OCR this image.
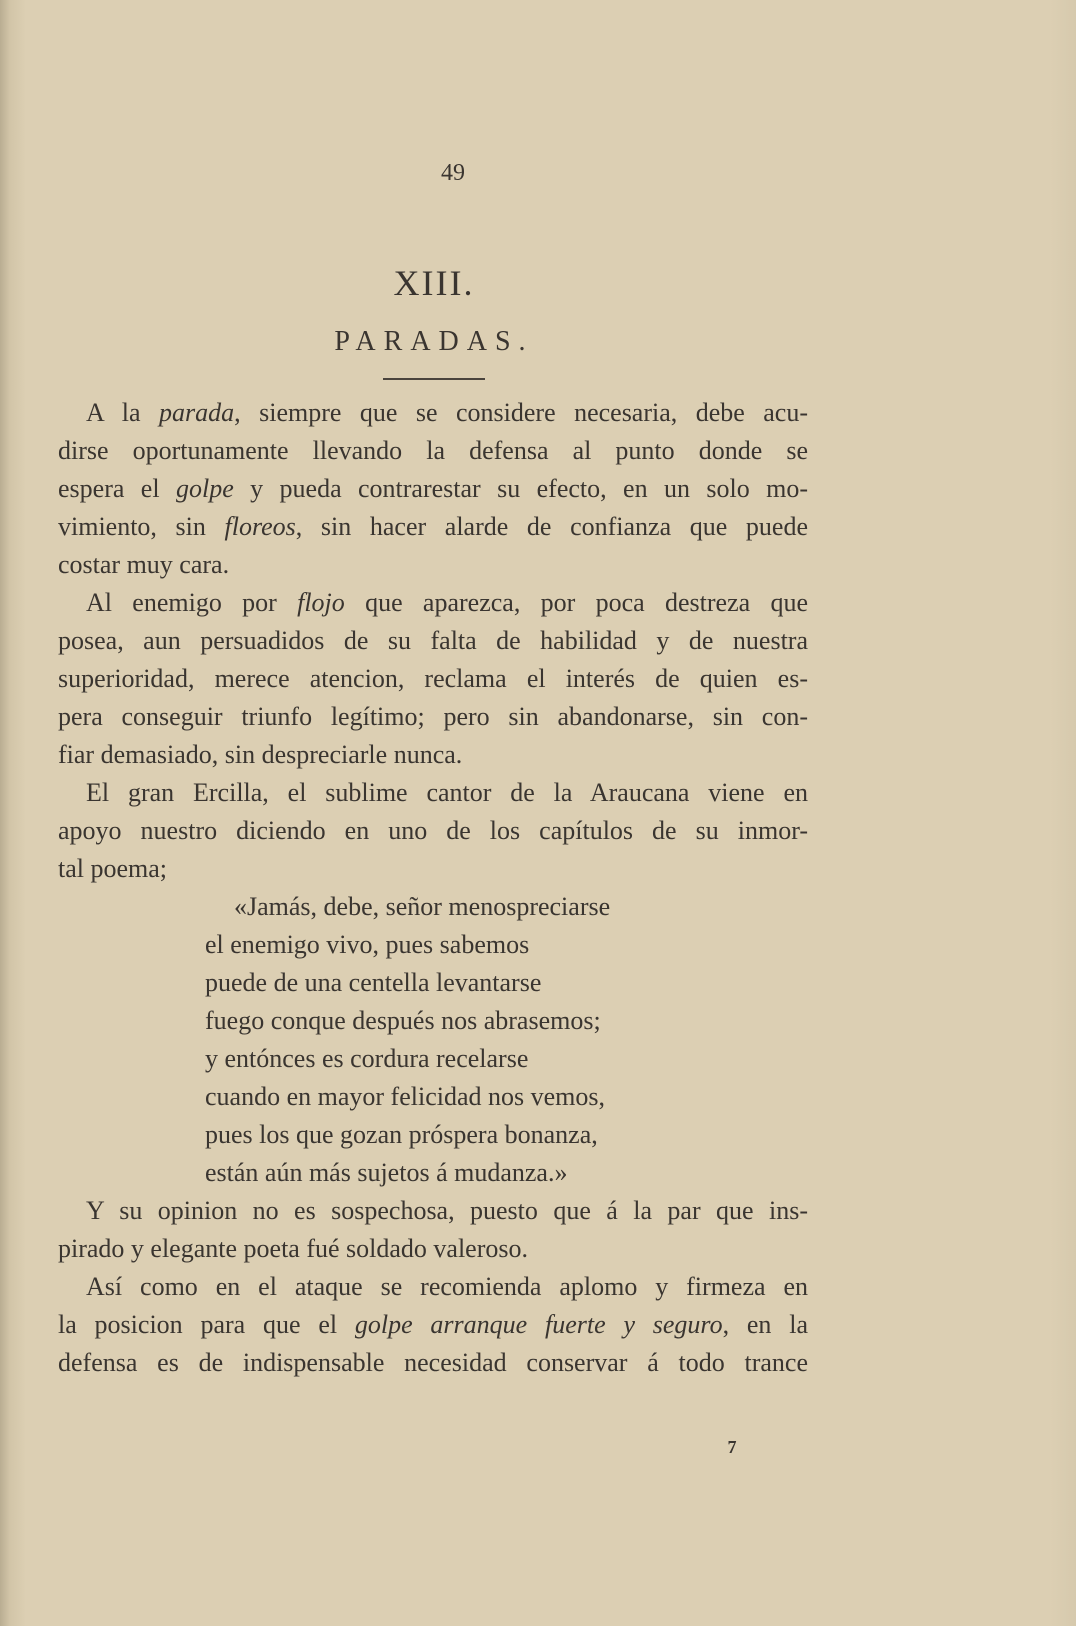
49
XIII.
PARADAS.
A la parada, siempre que se considere necesaria, debe acu-
dirse oportunamente llevando la defensa al punto donde se
espera el golpe y pueda contrarestar su efecto, en un solo mo-
vimiento, sin floreos, sin hacer alarde de confianza que puede
costar muy cara.
Al enemigo por flojo que aparezca, por poca destreza que
posea, aun persuadidos de su falta de habilidad y de nuestra
superioridad, merece atencion, reclama el interés de quien es-
pera conseguir triunfo legítimo; pero sin abandonarse, sin con-
fiar demasiado, sin despreciarle nunca.
El gran Ercilla, el sublime cantor de la Araucana viene en
apoyo nuestro diciendo en uno de los capítulos de su inmor-
tal poema;
«Jamás, debe, señor menospreciarse
el enemigo vivo, pues sabemos
puede de una centella levantarse
fuego conque después nos abrasemos;
y entónces es cordura recelarse
cuando en mayor felicidad nos vemos,
pues los que gozan próspera bonanza,
están aún más sujetos á mudanza.»
Y su opinion no es sospechosa, puesto que á la par que ins-
pirado y elegante poeta fué soldado valeroso.
Así como en el ataque se recomienda aplomo y firmeza en
la posicion para que el golpe arranque fuerte y seguro, en la
defensa es de indispensable necesidad conservar á todo trance
7
